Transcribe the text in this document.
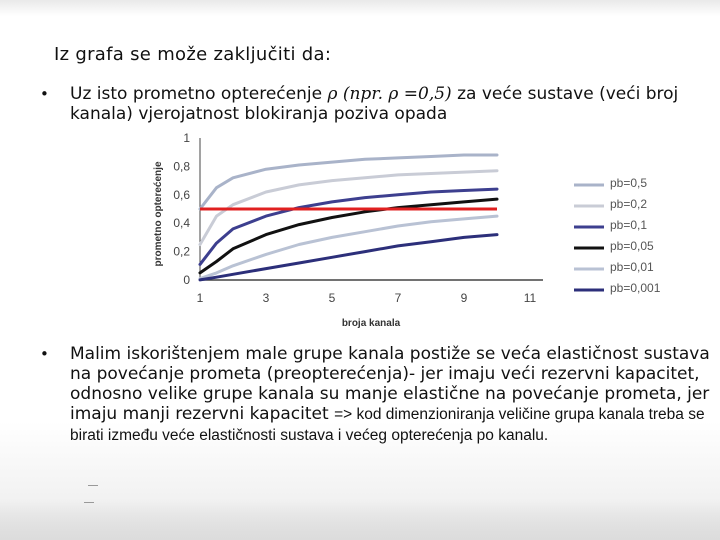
Iz grafa se može zaključiti da:
• Uz isto prometno opterećenje ρ (npr. ρ =0,5) za veće sustave (veći broj kanala) vjerojatnost blokiranja poziva opada
1	3	5	7	9	11
0
0,2
0,4
0,6
0,8
1
broja kanala
prometno opterećenje	pb=0,5
pb=0,2
pb=0,1
pb=0,05
pb=0,01
pb=0,001
• Malim iskorištenjem male grupe kanala postiže se veća elastičnost sustava na povećanje prometa (preopterećenja)- jer imaju veći rezervni kapacitet, odnosno velike grupe kanala su manje elastične na povećanje prometa, jer imaju manji rezervni kapacitet => kod dimenzioniranja veličine grupa kanala treba se birati između veće elastičnosti sustava i većeg opterećenja po kanalu.
